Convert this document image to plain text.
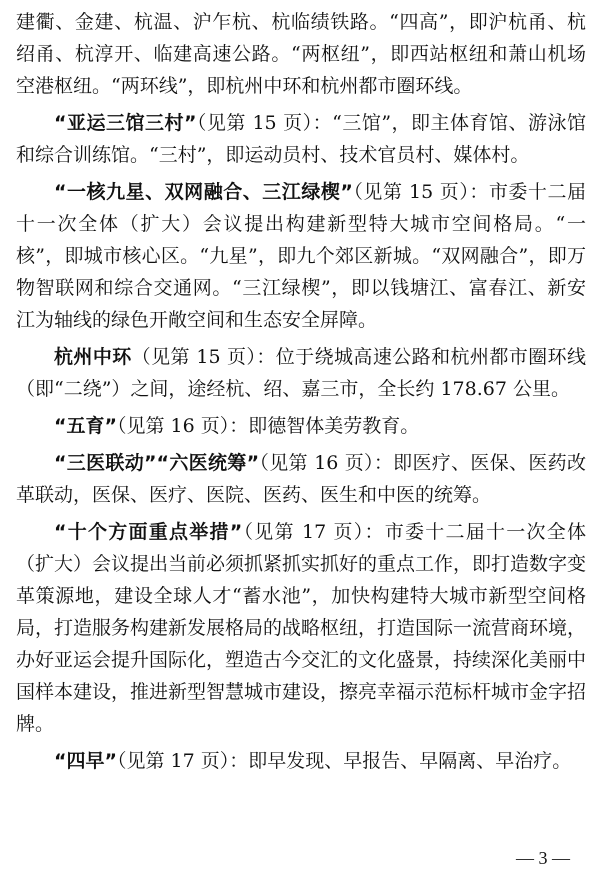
建衢、金建、杭温、沪乍杭、杭临绩铁路。“四高”，即沪杭甬、杭绍甬、杭淳开、临建高速公路。“两枢纽”，即西站枢纽和萧山机场空港枢纽。“两环线”，即杭州中环和杭州都市圈环线。

“亚运三馆三村”（见第 15 页）：“三馆”，即主体育馆、游泳馆和综合训练馆。“三村”，即运动员村、技术官员村、媒体村。

“一核九星、双网融合、三江绿楔”（见第 15 页）：市委十二届十一次全体（扩大）会议提出构建新型特大城市空间格局。“一核”，即城市核心区。“九星”，即九个郊区新城。“双网融合”，即万物智联网和综合交通网。“三江绿楔”，即以钱塘江、富春江、新安江为轴线的绿色开敞空间和生态安全屏障。

杭州中环（见第 15 页）：位于绕城高速公路和杭州都市圈环线（即“二绕”）之间，途经杭、绍、嘉三市，全长约 178.67 公里。

“五育”（见第 16 页）：即德智体美劳教育。

“三医联动”“六医统筹”（见第 16 页）：即医疗、医保、医药改革联动，医保、医疗、医院、医药、医生和中医的统筹。

“十个方面重点举措”（见第 17 页）：市委十二届十一次全体（扩大）会议提出当前必须抓紧抓实抓好的重点工作，即打造数字变革策源地，建设全球人才“蓄水池”，加快构建特大城市新型空间格局，打造服务构建新发展格局的战略枢纽，打造国际一流营商环境，办好亚运会提升国际化，塑造古今交汇的文化盛景，持续深化美丽中国样本建设，推进新型智慧城市建设，擦亮幸福示范标杆城市金字招牌。

“四早”（见第 17 页）：即早发现、早报告、早隔离、早治疗。

— 3 —
